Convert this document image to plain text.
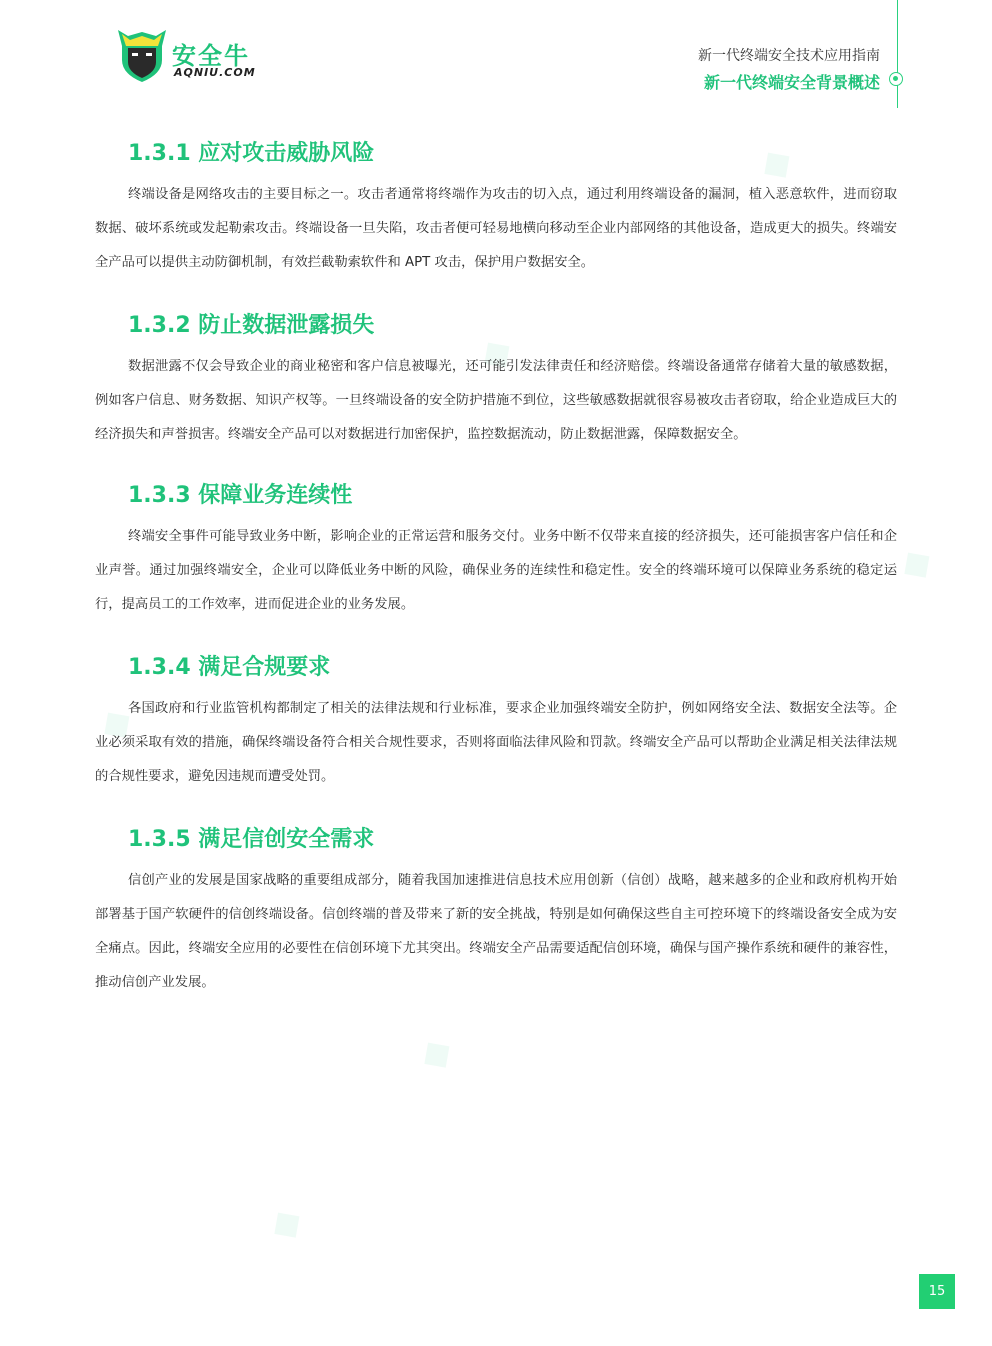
安全牛
AQNIU.COM
新一代终端安全技术应用指南
新一代终端安全背景概述
◆
◆
◆
◆
◆
◆
1.3.1 应对攻击威胁风险

终端设备是网络攻击的主要目标之一。攻击者通常将终端作为攻击的切入点，通过利用终端设备的漏洞，植入恶意软件，进而窃取数据、破坏系统或发起勒索攻击。终端设备一旦失陷，攻击者便可轻易地横向移动至企业内部网络的其他设备，造成更大的损失。终端安全产品可以提供主动防御机制，有效拦截勒索软件和 APT 攻击，保护用户数据安全。

1.3.2 防止数据泄露损失

数据泄露不仅会导致企业的商业秘密和客户信息被曝光，还可能引发法律责任和经济赔偿。终端设备通常存储着大量的敏感数据，例如客户信息、财务数据、知识产权等。一旦终端设备的安全防护措施不到位，这些敏感数据就很容易被攻击者窃取，给企业造成巨大的经济损失和声誉损害。终端安全产品可以对数据进行加密保护，监控数据流动，防止数据泄露，保障数据安全。

1.3.3 保障业务连续性

终端安全事件可能导致业务中断，影响企业的正常运营和服务交付。业务中断不仅带来直接的经济损失，还可能损害客户信任和企业声誉。通过加强终端安全，企业可以降低业务中断的风险，确保业务的连续性和稳定性。安全的终端环境可以保障业务系统的稳定运行，提高员工的工作效率，进而促进企业的业务发展。

1.3.4 满足合规要求

各国政府和行业监管机构都制定了相关的法律法规和行业标准，要求企业加强终端安全防护，例如网络安全法、数据安全法等。企业必须采取有效的措施，确保终端设备符合相关合规性要求，否则将面临法律风险和罚款。终端安全产品可以帮助企业满足相关法律法规的合规性要求，避免因违规而遭受处罚。

1.3.5 满足信创安全需求

信创产业的发展是国家战略的重要组成部分，随着我国加速推进信息技术应用创新（信创）战略，越来越多的企业和政府机构开始部署基于国产软硬件的信创终端设备。信创终端的普及带来了新的安全挑战，特别是如何确保这些自主可控环境下的终端设备安全成为安全痛点。因此，终端安全应用的必要性在信创环境下尤其突出。终端安全产品需要适配信创环境，确保与国产操作系统和硬件的兼容性，推动信创产业发展。

15
